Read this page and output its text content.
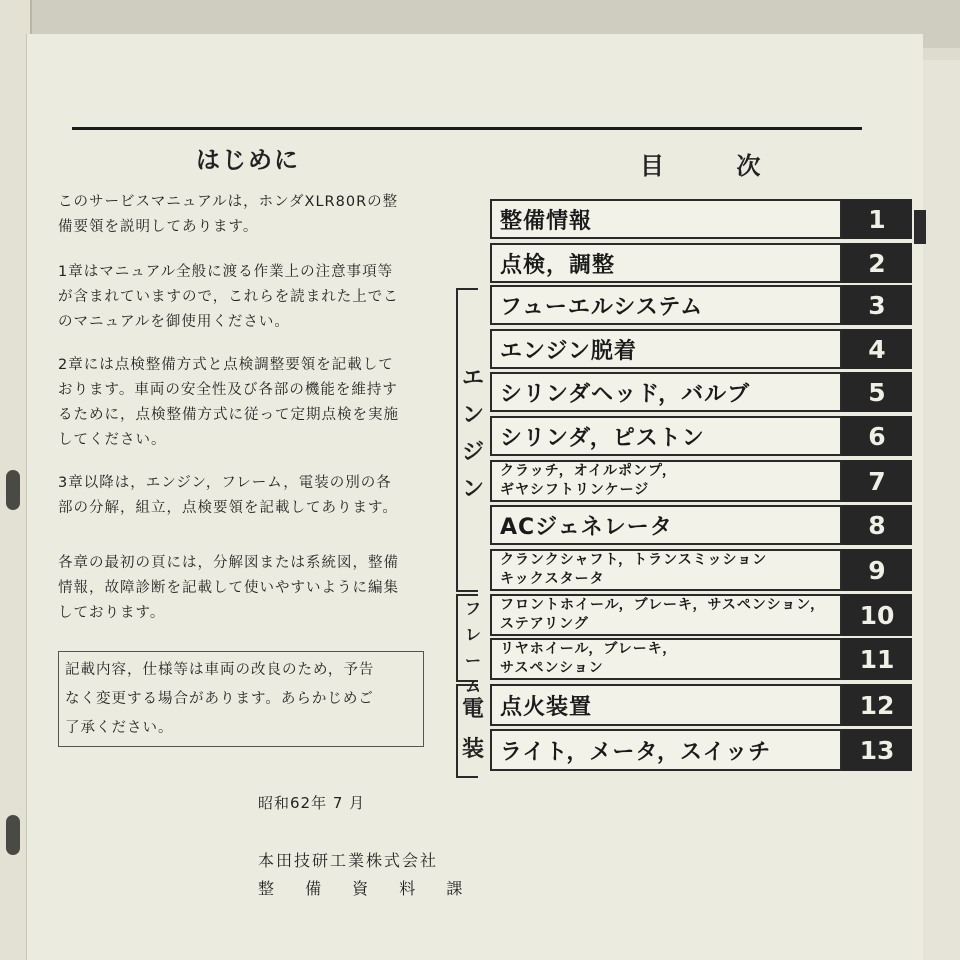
はじめに
このサービスマニュアルは，ホンダXLR80Rの整
備要領を説明してあります。
1章はマニュアル全般に渡る作業上の注意事項等
が含まれていますので，これらを読まれた上でこ
のマニュアルを御使用ください。
2章には点検整備方式と点検調整要領を記載して
おります。車両の安全性及び各部の機能を維持す
るために，点検整備方式に従って定期点検を実施
してください。
3章以降は，エンジン，フレーム，電装の別の各
部の分解，組立，点検要領を記載してあります。
各章の最初の頁には，分解図または系統図，整備
情報，故障診断を記載して使いやすいように編集
しております。
記載内容，仕様等は車両の改良のため，予告
なく変更する場合があります。あらかじめご
了承ください。
昭和62年 7 月
本田技研工業株式会社
整 備 資 料 課
目 次
エ
ン
ジ
ン
フ
レ
ー
ム
電
装
整備情報	1
点検，調整	2
フューエルシステム	3
エンジン脱着	4
シリンダヘッド，バルブ	5
シリンダ，ピストン	6
クラッチ，オイルポンプ，
ギヤシフトリンケージ	7
ACジェネレータ	8
クランクシャフト，トランスミッション
キックスタータ	9
フロントホイール，ブレーキ，サスペンション，
ステアリング	10
リヤホイール，ブレーキ，
サスペンション	11
点火装置	12
ライト，メータ，スイッチ	13
